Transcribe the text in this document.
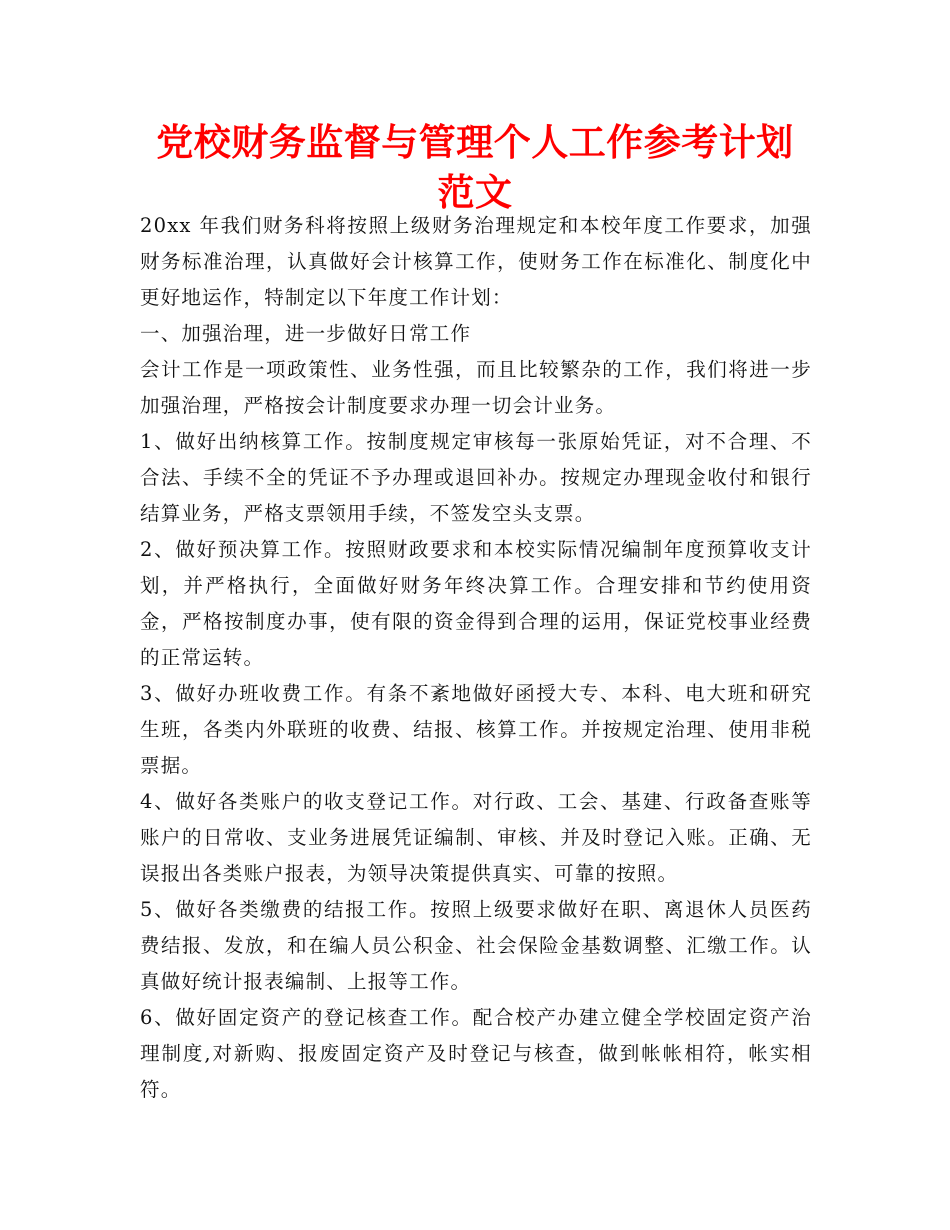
党校财务监督与管理个人工作参考计划范文

20xx 年我们财务科将按照上级财务治理规定和本校年度工作要求，加强财务标准治理，认真做好会计核算工作，使财务工作在标准化、制度化中更好地运作，特制定以下年度工作计划：

一、加强治理，进一步做好日常工作

会计工作是一项政策性、业务性强，而且比较繁杂的工作，我们将进一步加强治理，严格按会计制度要求办理一切会计业务。

1、做好出纳核算工作。按制度规定审核每一张原始凭证，对不合理、不合法、手续不全的凭证不予办理或退回补办。按规定办理现金收付和银行结算业务，严格支票领用手续，不签发空头支票。

2、做好预决算工作。按照财政要求和本校实际情况编制年度预算收支计划，并严格执行，全面做好财务年终决算工作。合理安排和节约使用资金，严格按制度办事，使有限的资金得到合理的运用，保证党校事业经费的正常运转。

3、做好办班收费工作。有条不紊地做好函授大专、本科、电大班和研究生班，各类内外联班的收费、结报、核算工作。并按规定治理、使用非税票据。

4、做好各类账户的收支登记工作。对行政、工会、基建、行政备查账等账户的日常收、支业务进展凭证编制、审核、并及时登记入账。正确、无误报出各类账户报表，为领导决策提供真实、可靠的按照。

5、做好各类缴费的结报工作。按照上级要求做好在职、离退休人员医药费结报、发放，和在编人员公积金、社会保险金基数调整、汇缴工作。认真做好统计报表编制、上报等工作。

6、做好固定资产的登记核查工作。配合校产办建立健全学校固定资产治理制度,对新购、报废固定资产及时登记与核查，做到帐帐相符，帐实相符。
